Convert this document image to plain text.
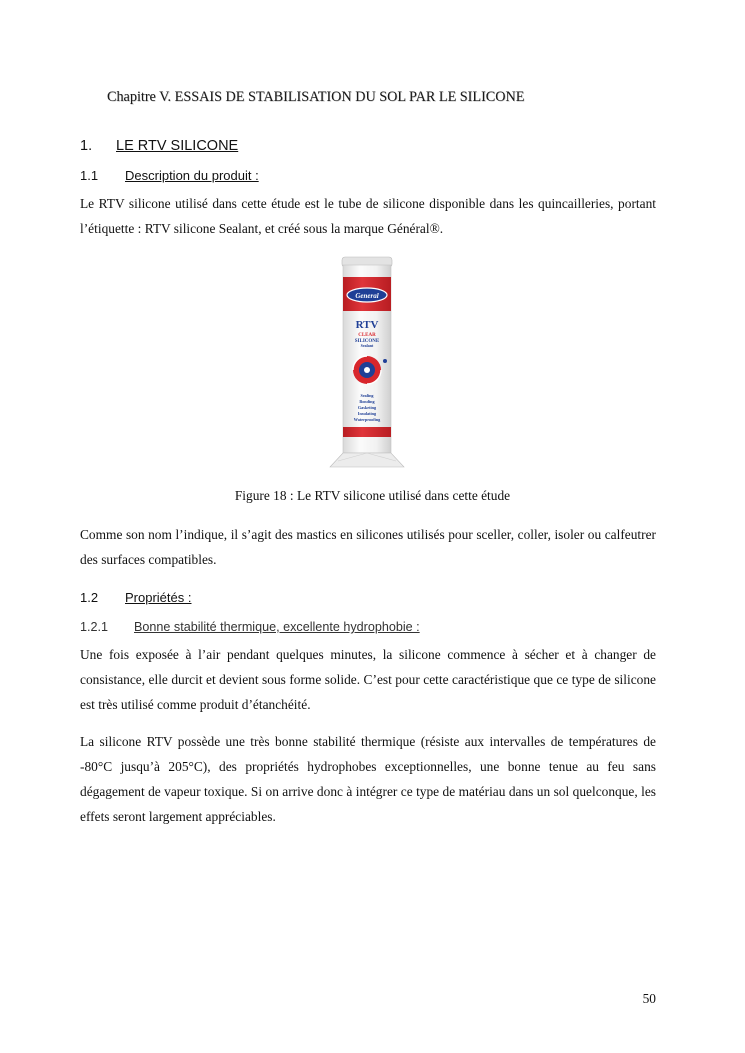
Chapitre V. ESSAIS DE STABILISATION DU SOL PAR LE SILICONE
1. LE RTV SILICONE
1.1 Description du produit :

Le RTV silicone utilisé dans cette étude est le tube de silicone disponible dans les quincailleries, portant l’étiquette : RTV silicone Sealant, et créé sous la marque Général®.

General
RTV
CLEAR
SILICONE
Sealant
Sealing
Bonding
Gasketing
Insulating
Waterproofing
Figure 18 : Le RTV silicone utilisé dans cette étude

Comme son nom l’indique, il s’agit des mastics en silicones utilisés pour sceller, coller, isoler ou calfeutrer des surfaces compatibles.

1.2 Propriétés :
1.2.1 Bonne stabilité thermique, excellente hydrophobie :

Une fois exposée à l’air pendant quelques minutes, la silicone commence à sécher et à changer de consistance, elle durcit et devient sous forme solide. C’est pour cette caractéristique que ce type de silicone est très utilisé comme produit d’étanchéité.

La silicone RTV possède une très bonne stabilité thermique (résiste aux intervalles de températures de -80°C jusqu’à 205°C), des propriétés hydrophobes exceptionnelles, une bonne tenue au feu sans dégagement de vapeur toxique. Si on arrive donc à intégrer ce type de matériau dans un sol quelconque, les effets seront largement appréciables.

50
